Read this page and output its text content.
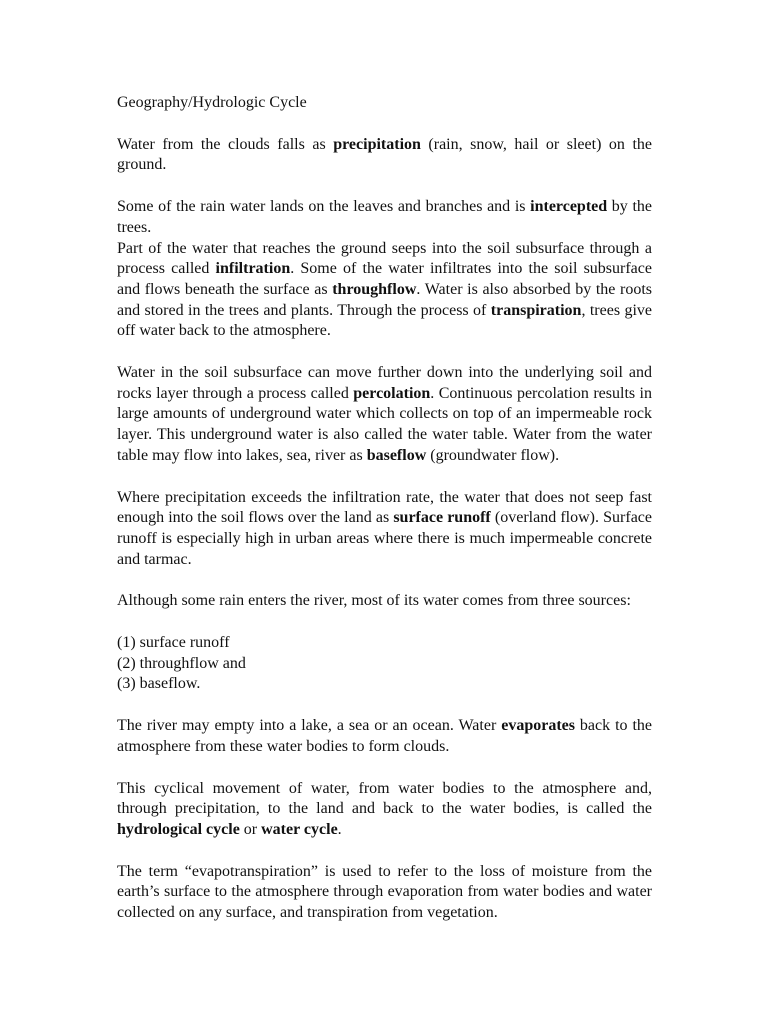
Geography/Hydrologic Cycle

Water from the clouds falls as precipitation (rain, snow, hail or sleet) on the ground.

Some of the rain water lands on the leaves and branches and is intercepted by the trees.

Part of the water that reaches the ground seeps into the soil subsurface through a process called infiltration. Some of the water infiltrates into the soil subsurface and flows beneath the surface as throughflow. Water is also absorbed by the roots and stored in the trees and plants. Through the process of transpiration, trees give off water back to the atmosphere.

Water in the soil subsurface can move further down into the underlying soil and rocks layer through a process called percolation. Continuous percolation results in large amounts of underground water which collects on top of an impermeable rock layer. This underground water is also called the water table. Water from the water table may flow into lakes, sea, river as baseflow (groundwater flow).

Where precipitation exceeds the infiltration rate, the water that does not seep fast enough into the soil flows over the land as surface runoff (overland flow). Surface runoff is especially high in urban areas where there is much impermeable concrete and tarmac.

Although some rain enters the river, most of its water comes from three sources:

(1) surface runoff

(2) throughflow and

(3) baseflow.

The river may empty into a lake, a sea or an ocean. Water evaporates back to the atmosphere from these water bodies to form clouds.

This cyclical movement of water, from water bodies to the atmosphere and, through precipitation, to the land and back to the water bodies, is called the hydrological cycle or water cycle.

The term “evapotranspiration” is used to refer to the loss of moisture from the earth’s surface to the atmosphere through evaporation from water bodies and water collected on any surface, and transpiration from vegetation.
